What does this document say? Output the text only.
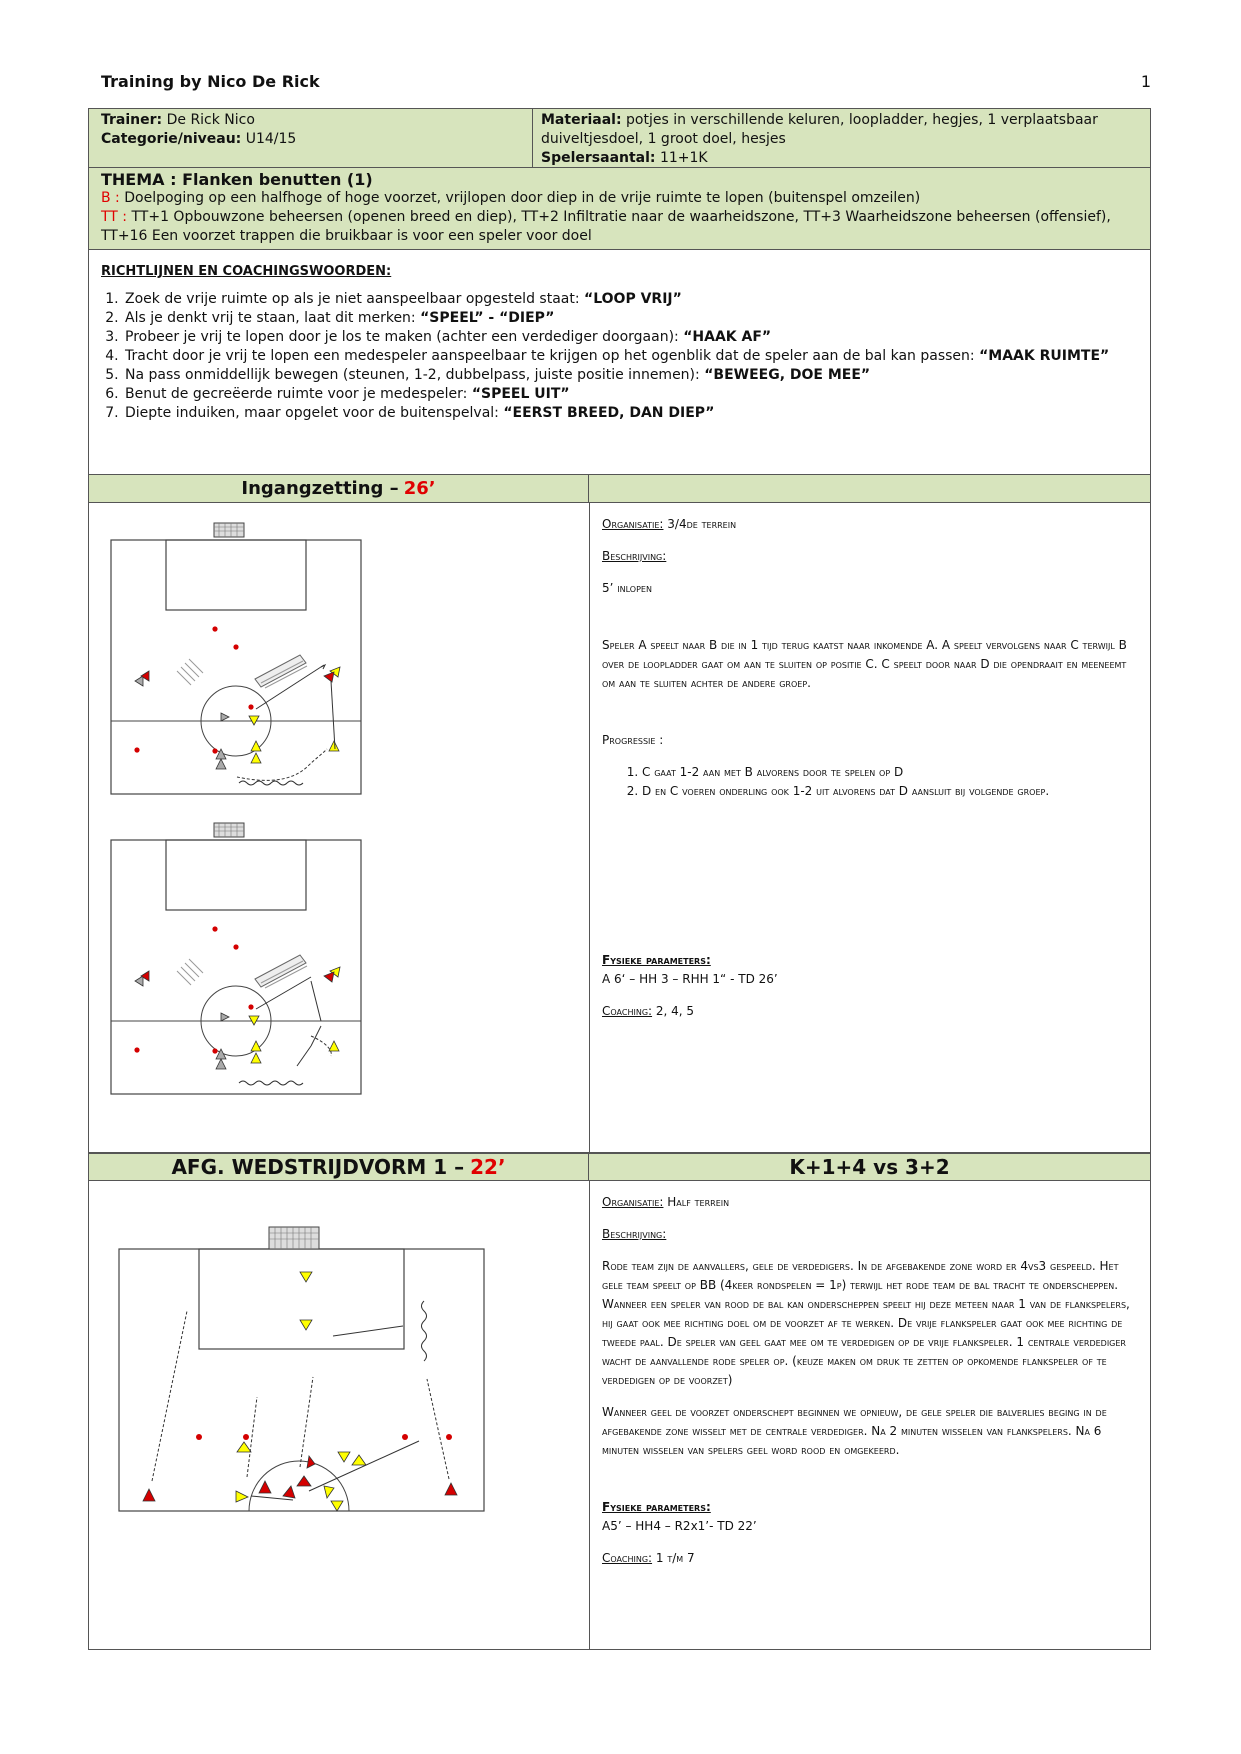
Training by Nico De Rick	1
Trainer: De Rick Nico
Categorie/niveau: U14/15
Materiaal: potjes in verschillende keluren, loopladder, hegjes, 1 verplaatsbaar duiveltjesdoel, 1 groot doel, hesjes
Spelersaantal: 11+1K
THEMA : Flanken benutten (1)
B : Doelpoging op een halfhoge of hoge voorzet, vrijlopen door diep in de vrije ruimte te lopen (buitenspel omzeilen)
TT : TT+1 Opbouwzone beheersen (openen breed en diep), TT+2 Infiltratie naar de waarheidszone, TT+3 Waarheidszone beheersen (offensief), TT+16 Een voorzet trappen die bruikbaar is voor een speler voor doel
RICHTLIJNEN EN COACHINGSWOORDEN:
1. Zoek de vrije ruimte op als je niet aanspeelbaar opgesteld staat: “LOOP VRIJ”
2. Als je denkt vrij te staan, laat dit merken: “SPEEL” - “DIEP”
3. Probeer je vrij te lopen door je los te maken (achter een verdediger doorgaan): “HAAK AF”
4. Tracht door je vrij te lopen een medespeler aanspeelbaar te krijgen op het ogenblik dat de speler aan de bal kan passen: “MAAK RUIMTE”
5. Na pass onmiddellijk bewegen (steunen, 1-2, dubbelpass, juiste positie innemen): “BEWEEG, DOE MEE”
6. Benut de gecreëerde ruimte voor je medespeler: “SPEEL UIT”
7. Diepte induiken, maar opgelet voor de buitenspelval: “EERST BREED, DAN DIEP”
Ingangzetting – 26’

Organisatie: 3/4de terrein

Beschrijving:

5’ inlopen

Speler A speelt naar B die in 1 tijd terug kaatst naar inkomende A. A speelt vervolgens naar C terwijl B over de loopladder gaat om aan te sluiten op positie C. C speelt door naar D die opendraait en meeneemt om aan te sluiten achter de andere groep.

Progressie :

1. C gaat 1-2 aan met B alvorens door te spelen op D
2. D en C voeren onderling ook 1-2 uit alvorens dat D aansluit bij volgende groep.
Fysieke parameters:

A 6‘ – HH 3 – RHH 1“ - TD 26’

Coaching: 2, 4, 5

AFG. WEDSTRIJDVORM 1 – 22’	K+1+4 vs 3+2

Organisatie: Half terrein

Beschrijving:

Rode team zijn de aanvallers, gele de verdedigers. In de afgebakende zone word er 4vs3 gespeeld. Het gele team speelt op BB (4keer rondspelen = 1p) terwijl het rode team de bal tracht te onderscheppen. Wanneer een speler van rood de bal kan onderscheppen speelt hij deze meteen naar 1 van de flankspelers, hij gaat ook mee richting doel om de voorzet af te werken. De vrije flankspeler gaat ook mee richting de tweede paal. De speler van geel gaat mee om te verdedigen op de vrije flankspeler. 1 centrale verdediger wacht de aanvallende rode speler op. (keuze maken om druk te zetten op opkomende flankspeler of te verdedigen op de voorzet)

Wanneer geel de voorzet onderschept beginnen we opnieuw, de gele speler die balverlies beging in de afgebakende zone wisselt met de centrale verdediger. Na 2 minuten wisselen van flankspelers. Na 6 minuten wisselen van spelers geel word rood en omgekeerd.

Fysieke parameters:

A5’ – HH4 – R2x1’- TD 22’

Coaching: 1 t/m 7
